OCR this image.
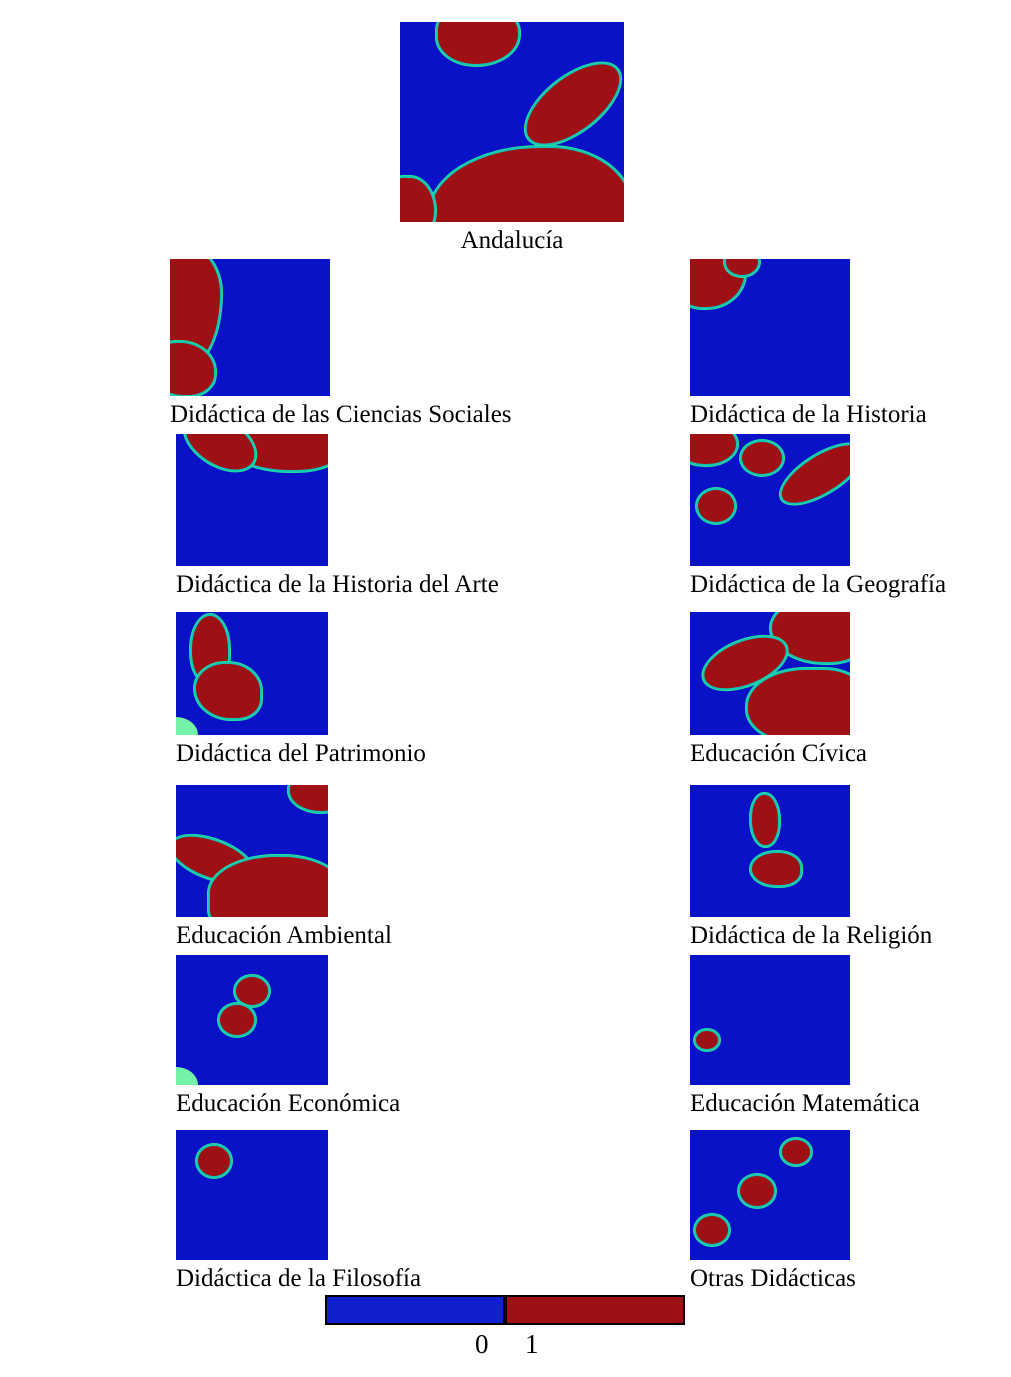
Andalucía
Didáctica de las Ciencias Sociales	Didáctica de la Historia
Didáctica de la Historia del Arte	Didáctica de la Geografía
Didáctica del Patrimonio	Educación Cívica
Educación Ambiental	Didáctica de la Religión
Educación Económica	Educación Matemática
Didáctica de la Filosofía	Otras Didácticas
0 1
